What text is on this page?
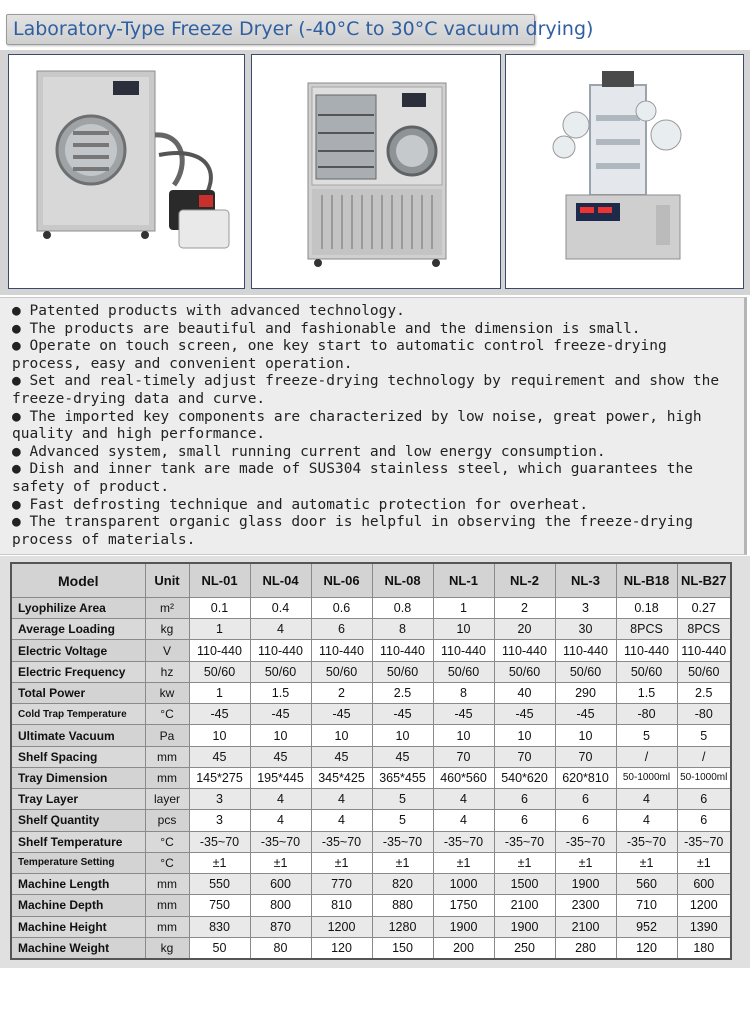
Laboratory-Type Freeze Dryer (-40°C to 30°C vacuum drying)
● Patented products with advanced technology.
● The products are beautiful and fashionable and the dimension is small.
● Operate on touch screen, one key start to automatic control freeze-drying process, easy and convenient operation.
● Set and real-timely adjust freeze-drying technology by requirement and show the freeze-drying data and curve.
● The imported key components are characterized by low noise, great power, high quality and high performance.
● Advanced system, small running current and low energy consumption.
● Dish and inner tank are made of SUS304 stainless steel, which guarantees the safety of product.
● Fast defrosting technique and automatic protection for overheat.
● The transparent organic glass door is helpful in observing the freeze-drying process of materials.
Model	Unit	NL-01	NL-04	NL-06	NL-08	NL-1	NL-2	NL-3	NL-B18	NL-B27
Lyophilize Area	m²	0.1	0.4	0.6	0.8	1	2	3	0.18	0.27
Average Loading	kg	1	4	6	8	10	20	30	8PCS	8PCS
Electric Voltage	V	110-440	110-440	110-440	110-440	110-440	110-440	110-440	110-440	110-440
Electric Frequency	hz	50/60	50/60	50/60	50/60	50/60	50/60	50/60	50/60	50/60
Total Power	kw	1	1.5	2	2.5	8	40	290	1.5	2.5
Cold Trap Temperature	°C	-45	-45	-45	-45	-45	-45	-45	-80	-80
Ultimate Vacuum	Pa	10	10	10	10	10	10	10	5	5
Shelf Spacing	mm	45	45	45	45	70	70	70	/	/
Tray Dimension	mm	145*275	195*445	345*425	365*455	460*560	540*620	620*810	50-1000ml	50-1000ml
Tray Layer	layer	3	4	4	5	4	6	6	4	6
Shelf Quantity	pcs	3	4	4	5	4	6	6	4	6
Shelf Temperature	°C	-35~70	-35~70	-35~70	-35~70	-35~70	-35~70	-35~70	-35~70	-35~70
Temperature Setting	°C	±1	±1	±1	±1	±1	±1	±1	±1	±1
Machine Length	mm	550	600	770	820	1000	1500	1900	560	600
Machine Depth	mm	750	800	810	880	1750	2100	2300	710	1200
Machine Height	mm	830	870	1200	1280	1900	1900	2100	952	1390
Machine Weight	kg	50	80	120	150	200	250	280	120	180
